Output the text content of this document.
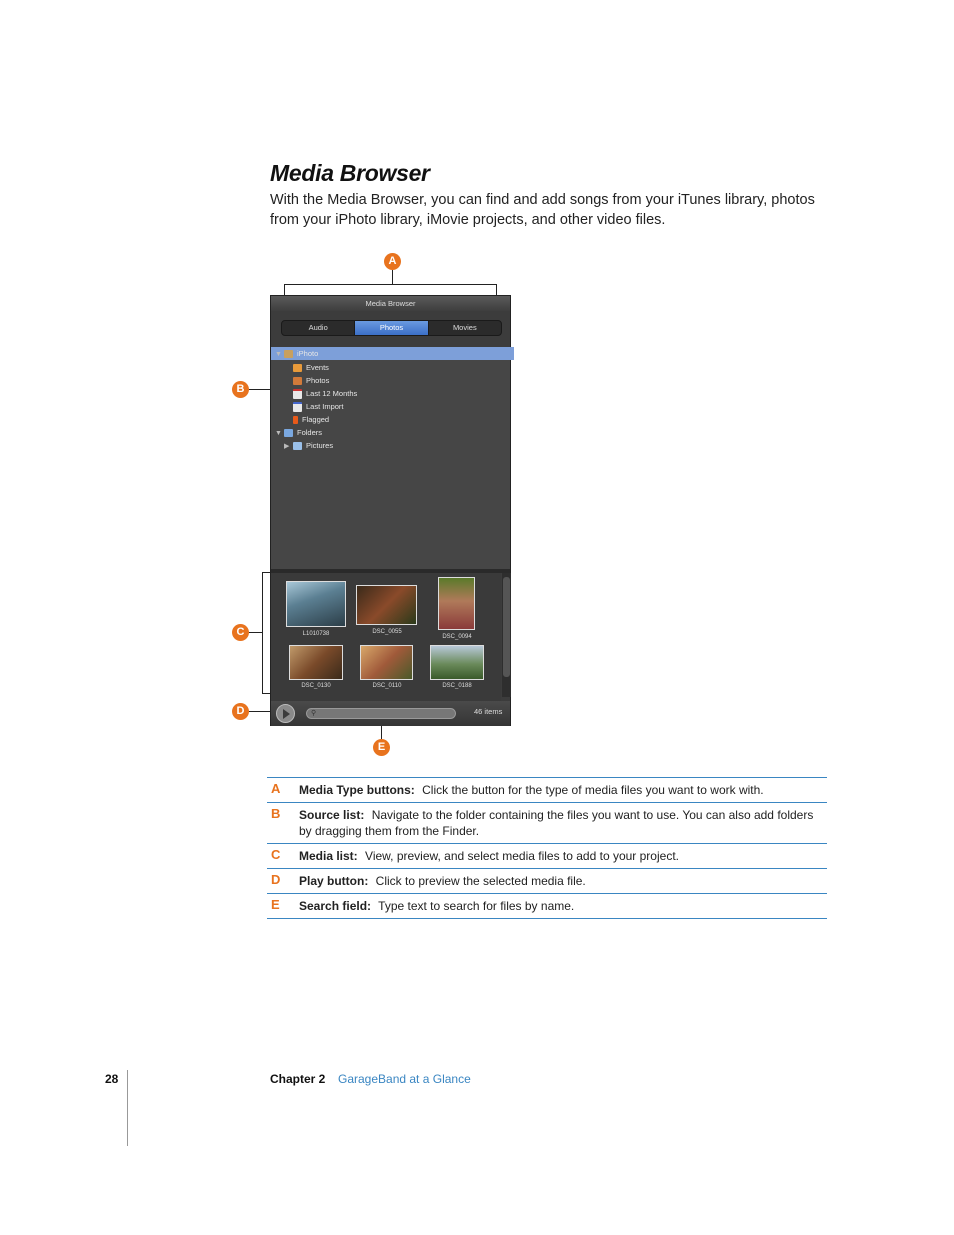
Media Browser
With the Media Browser, you can find and add songs from your iTunes library, photos from your iPhoto library, iMovie projects, and other video files.
A
B
C
D
E
Media Browser
Audio	Photos	Movies
▼ iPhoto
Events
Photos
Last 12 Months
Last Import
Flagged
▼ Folders
▶ Pictures
L1010738	DSC_0055
DSC_0094
DSC_0130	DSC_0110	DSC_0188
⚲	46 items
A Media Type buttons: Click the button for the type of media files you want to work with.
B Source list: Navigate to the folder containing the files you want to use. You can also add folders by dragging them from the Finder.
C Media list: View, preview, and select media files to add to your project.
D Play button: Click to preview the selected media file.
E Search field: Type text to search for files by name.
28	Chapter 2 GarageBand at a Glance
